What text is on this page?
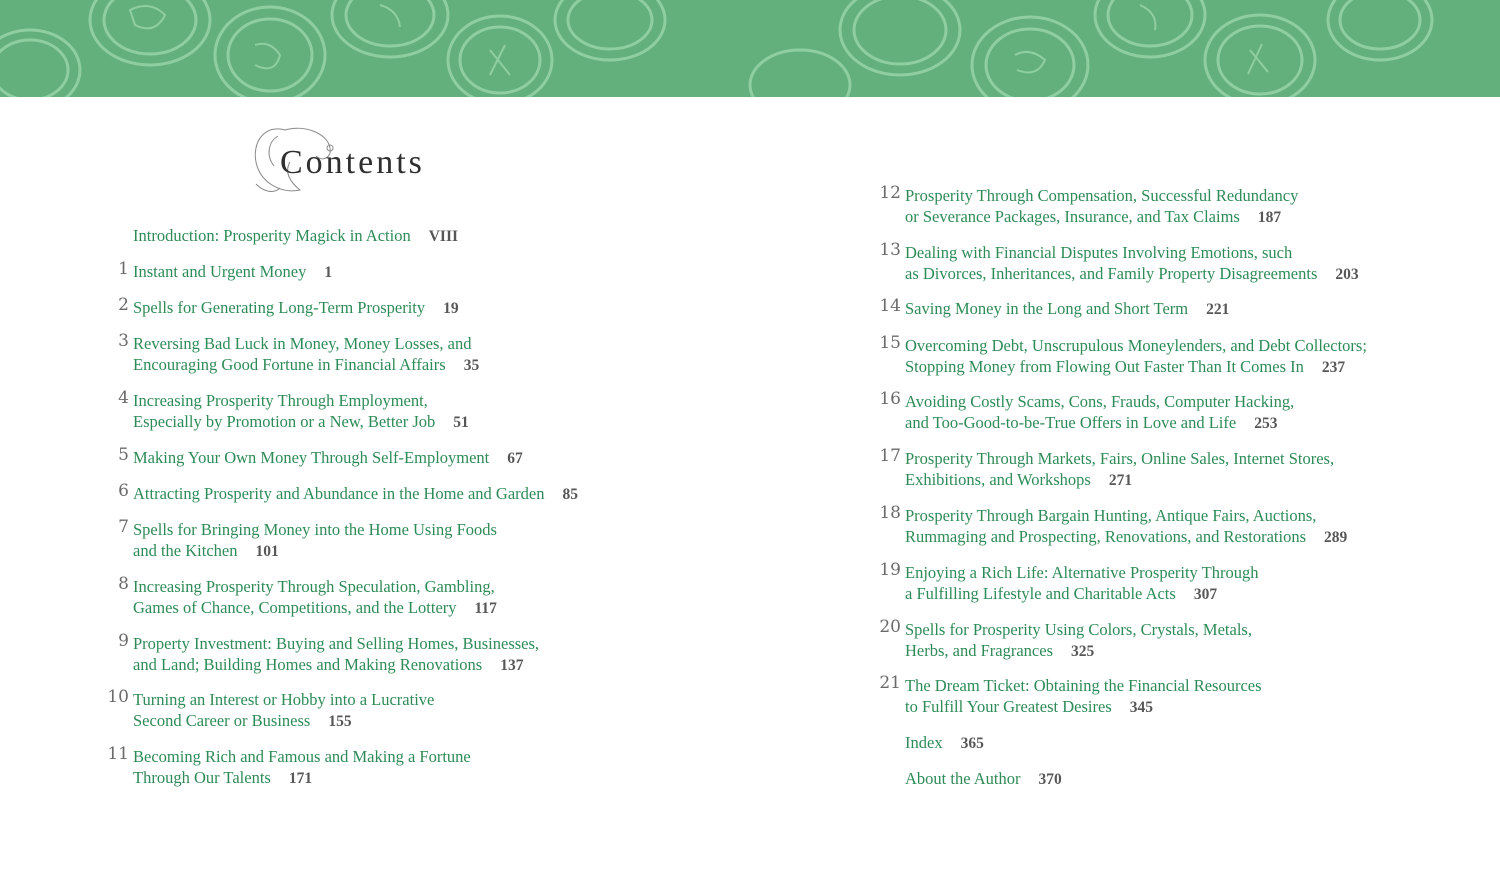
Contents
Introduction: Prosperity Magick in Action VIII
1 Instant and Urgent Money 1
2 Spells for Generating Long-Term Prosperity 19
3 Reversing Bad Luck in Money, Money Losses, and
Encouraging Good Fortune in Financial Affairs 35
4 Increasing Prosperity Through Employment,
Especially by Promotion or a New, Better Job 51
5 Making Your Own Money Through Self-Employment 67
6 Attracting Prosperity and Abundance in the Home and Garden 85
7 Spells for Bringing Money into the Home Using Foods
and the Kitchen 101
8 Increasing Prosperity Through Speculation, Gambling,
Games of Chance, Competitions, and the Lottery 117
9 Property Investment: Buying and Selling Homes, Businesses,
and Land; Building Homes and Making Renovations 137
10 Turning an Interest or Hobby into a Lucrative
Second Career or Business 155
11 Becoming Rich and Famous and Making a Fortune
Through Our Talents 171
12 Prosperity Through Compensation, Successful Redundancy
or Severance Packages, Insurance, and Tax Claims 187
13 Dealing with Financial Disputes Involving Emotions, such
as Divorces, Inheritances, and Family Property Disagreements 203
14 Saving Money in the Long and Short Term 221
15 Overcoming Debt, Unscrupulous Moneylenders, and Debt Collectors;
Stopping Money from Flowing Out Faster Than It Comes In 237
16 Avoiding Costly Scams, Cons, Frauds, Computer Hacking,
and Too-Good-to-be-True Offers in Love and Life 253
17 Prosperity Through Markets, Fairs, Online Sales, Internet Stores,
Exhibitions, and Workshops 271
18 Prosperity Through Bargain Hunting, Antique Fairs, Auctions,
Rummaging and Prospecting, Renovations, and Restorations 289
19 Enjoying a Rich Life: Alternative Prosperity Through
a Fulfilling Lifestyle and Charitable Acts 307
20 Spells for Prosperity Using Colors, Crystals, Metals,
Herbs, and Fragrances 325
21 The Dream Ticket: Obtaining the Financial Resources
to Fulfill Your Greatest Desires 345
Index 365
About the Author 370
